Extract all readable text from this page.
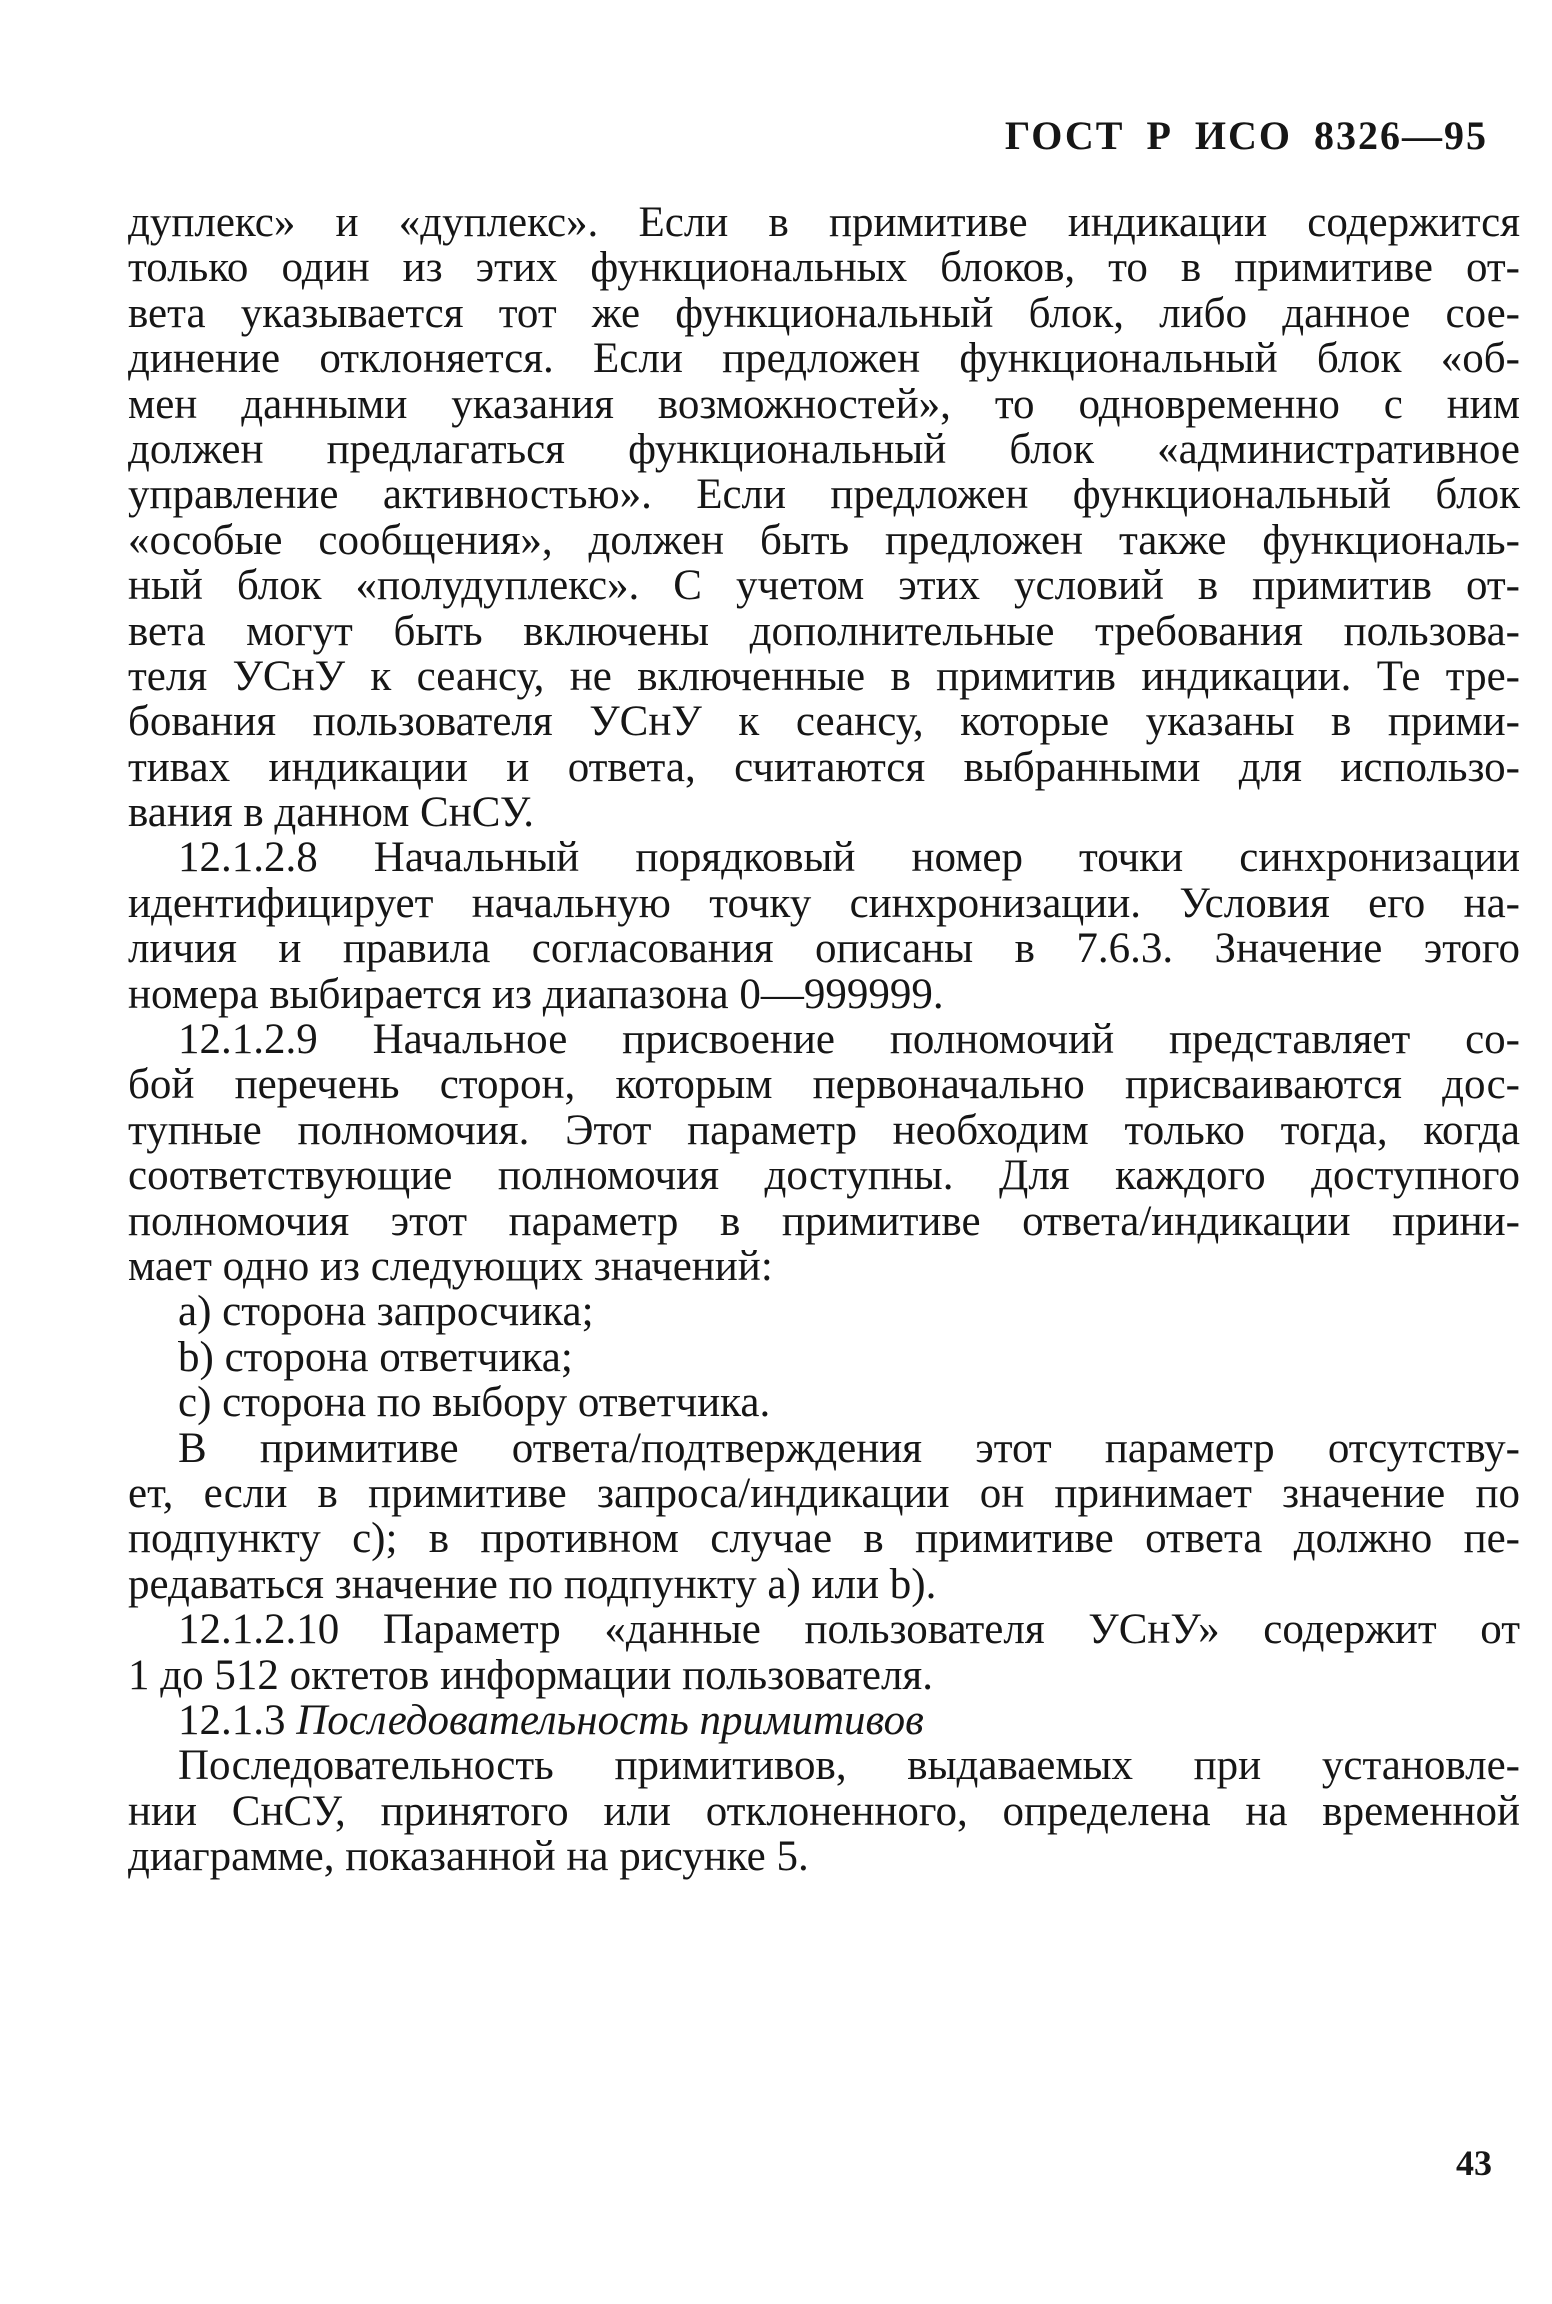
ГОСТ Р ИСО 8326—95
дуплекс» и «дуплекс». Если в примитиве индикации содержится
только один из этих функциональных блоков, то в примитиве от-
вета указывается тот же функциональный блок, либо данное сое-
динение отклоняется. Если предложен функциональный блок «об-
мен данными указания возможностей», то одновременно с ним
должен предлагаться функциональный блок «административное
управление активностью». Если предложен функциональный блок
«особые сообщения», должен быть предложен также функциональ-
ный блок «полудуплекс». С учетом этих условий в примитив от-
вета могут быть включены дополнительные требования пользова-
теля УСнУ к сеансу, не включенные в примитив индикации. Те тре-
бования пользователя УСнУ к сеансу, которые указаны в прими-
тивах индикации и ответа, считаются выбранными для использо-
вания в данном СнСУ.
12.1.2.8 Начальный порядковый номер точки синхронизации
идентифицирует начальную точку синхронизации. Условия его на-
личия и правила согласования описаны в 7.6.3. Значение этого
номера выбирается из диапазона 0—999999.
12.1.2.9 Начальное присвоение полномочий представляет со-
бой перечень сторон, которым первоначально присваиваются дос-
тупные полномочия. Этот параметр необходим только тогда, когда
соответствующие полномочия доступны. Для каждого доступного
полномочия этот параметр в примитиве ответа/индикации прини-
мает одно из следующих значений:
a) сторона запросчика;
b) сторона ответчика;
c) сторона по выбору ответчика.
В примитиве ответа/подтверждения этот параметр отсутству-
ет, если в примитиве запроса/индикации он принимает значение по
подпункту c); в противном случае в примитиве ответа должно пе-
редаваться значение по подпункту a) или b).
12.1.2.10 Параметр «данные пользователя УСнУ» содержит от
1 до 512 октетов информации пользователя.
12.1.3 Последовательность примитивов
Последовательность примитивов, выдаваемых при установле-
нии СнСУ, принятого или отклоненного, определена на временной
диаграмме, показанной на рисунке 5.
43
